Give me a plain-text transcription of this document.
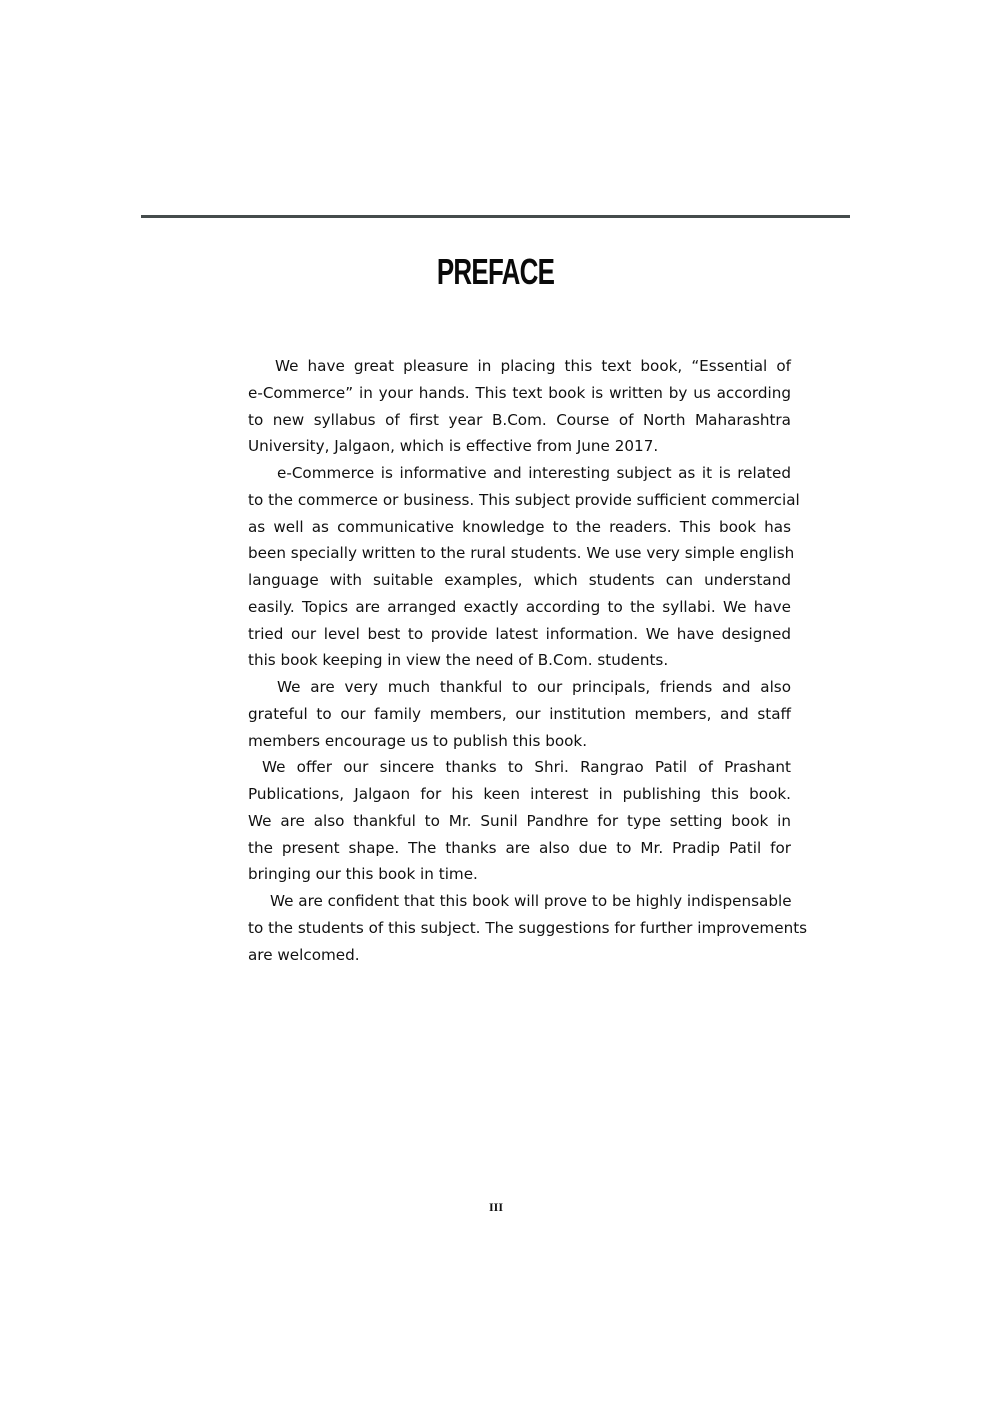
PREFACE
We have great pleasure in placing this text book, “Essential of
e-Commerce” in your hands. This text book is written by us according
to new syllabus of first year B.Com. Course of North Maharashtra
University, Jalgaon, which is effective from June 2017.
e-Commerce is informative and interesting subject as it is related
to the commerce or business. This subject provide sufficient commercial
as well as communicative knowledge to the readers. This book has
been specially written to the rural students. We use very simple english
language with suitable examples, which students can understand
easily. Topics are arranged exactly according to the syllabi. We have
tried our level best to provide latest information. We have designed
this book keeping in view the need of B.Com. students.
We are very much thankful to our principals, friends and also
grateful to our family members, our institution members, and staff
members encourage us to publish this book.
We offer our sincere thanks to Shri. Rangrao Patil of Prashant
Publications, Jalgaon for his keen interest in publishing this book.
We are also thankful to Mr. Sunil Pandhre for type setting book in
the present shape. The thanks are also due to Mr. Pradip Patil for
bringing our this book in time.
We are confident that this book will prove to be highly indispensable
to the students of this subject. The suggestions for further improvements
are welcomed.
III
